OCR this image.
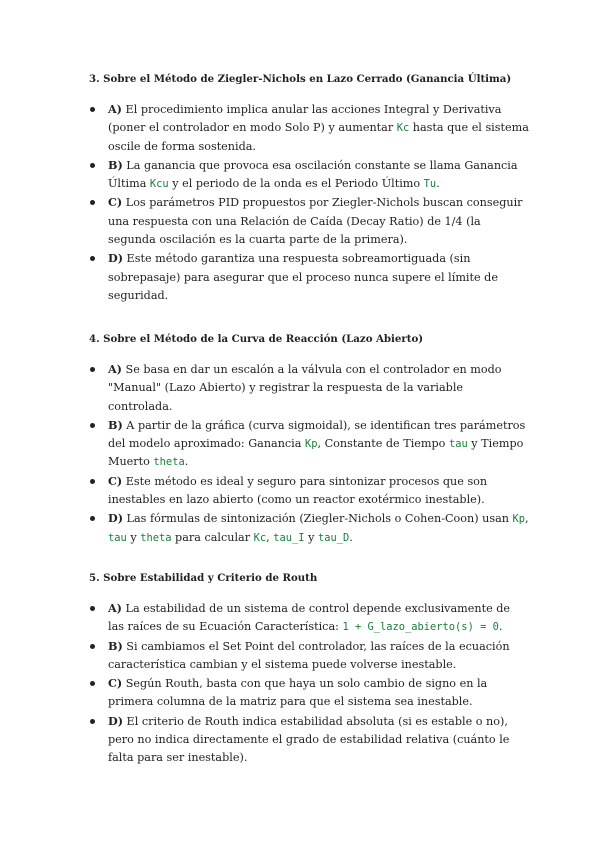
3. Sobre el Método de Ziegler-Nichols en Lazo Cerrado (Ganancia Última)
A) El procedimiento implica anular las acciones Integral y Derivativa (poner el controlador en modo Solo P) y aumentar Kc hasta que el sistema oscile de forma sostenida.
B) La ganancia que provoca esa oscilación constante se llama Ganancia Última Kcu y el periodo de la onda es el Periodo Último Tu.
C) Los parámetros PID propuestos por Ziegler-Nichols buscan conseguir una respuesta con una Relación de Caída (Decay Ratio) de 1/4 (la segunda oscilación es la cuarta parte de la primera).
D) Este método garantiza una respuesta sobreamortiguada (sin sobrepasaje) para asegurar que el proceso nunca supere el límite de seguridad.
4. Sobre el Método de la Curva de Reacción (Lazo Abierto)
A) Se basa en dar un escalón a la válvula con el controlador en modo "Manual" (Lazo Abierto) y registrar la respuesta de la variable controlada.
B) A partir de la gráfica (curva sigmoidal), se identifican tres parámetros del modelo aproximado: Ganancia Kp, Constante de Tiempo tau y Tiempo Muerto theta.
C) Este método es ideal y seguro para sintonizar procesos que son inestables en lazo abierto (como un reactor exotérmico inestable).
D) Las fórmulas de sintonización (Ziegler-Nichols o Cohen-Coon) usan Kp, tau y theta para calcular Kc, tau_I y tau_D.
5. Sobre Estabilidad y Criterio de Routh
A) La estabilidad de un sistema de control depende exclusivamente de las raíces de su Ecuación Característica: 1 + G_lazo_abierto(s) = 0.
B) Si cambiamos el Set Point del controlador, las raíces de la ecuación característica cambian y el sistema puede volverse inestable.
C) Según Routh, basta con que haya un solo cambio de signo en la primera columna de la matriz para que el sistema sea inestable.
D) El criterio de Routh indica estabilidad absoluta (si es estable o no), pero no indica directamente el grado de estabilidad relativa (cuánto le falta para ser inestable).
